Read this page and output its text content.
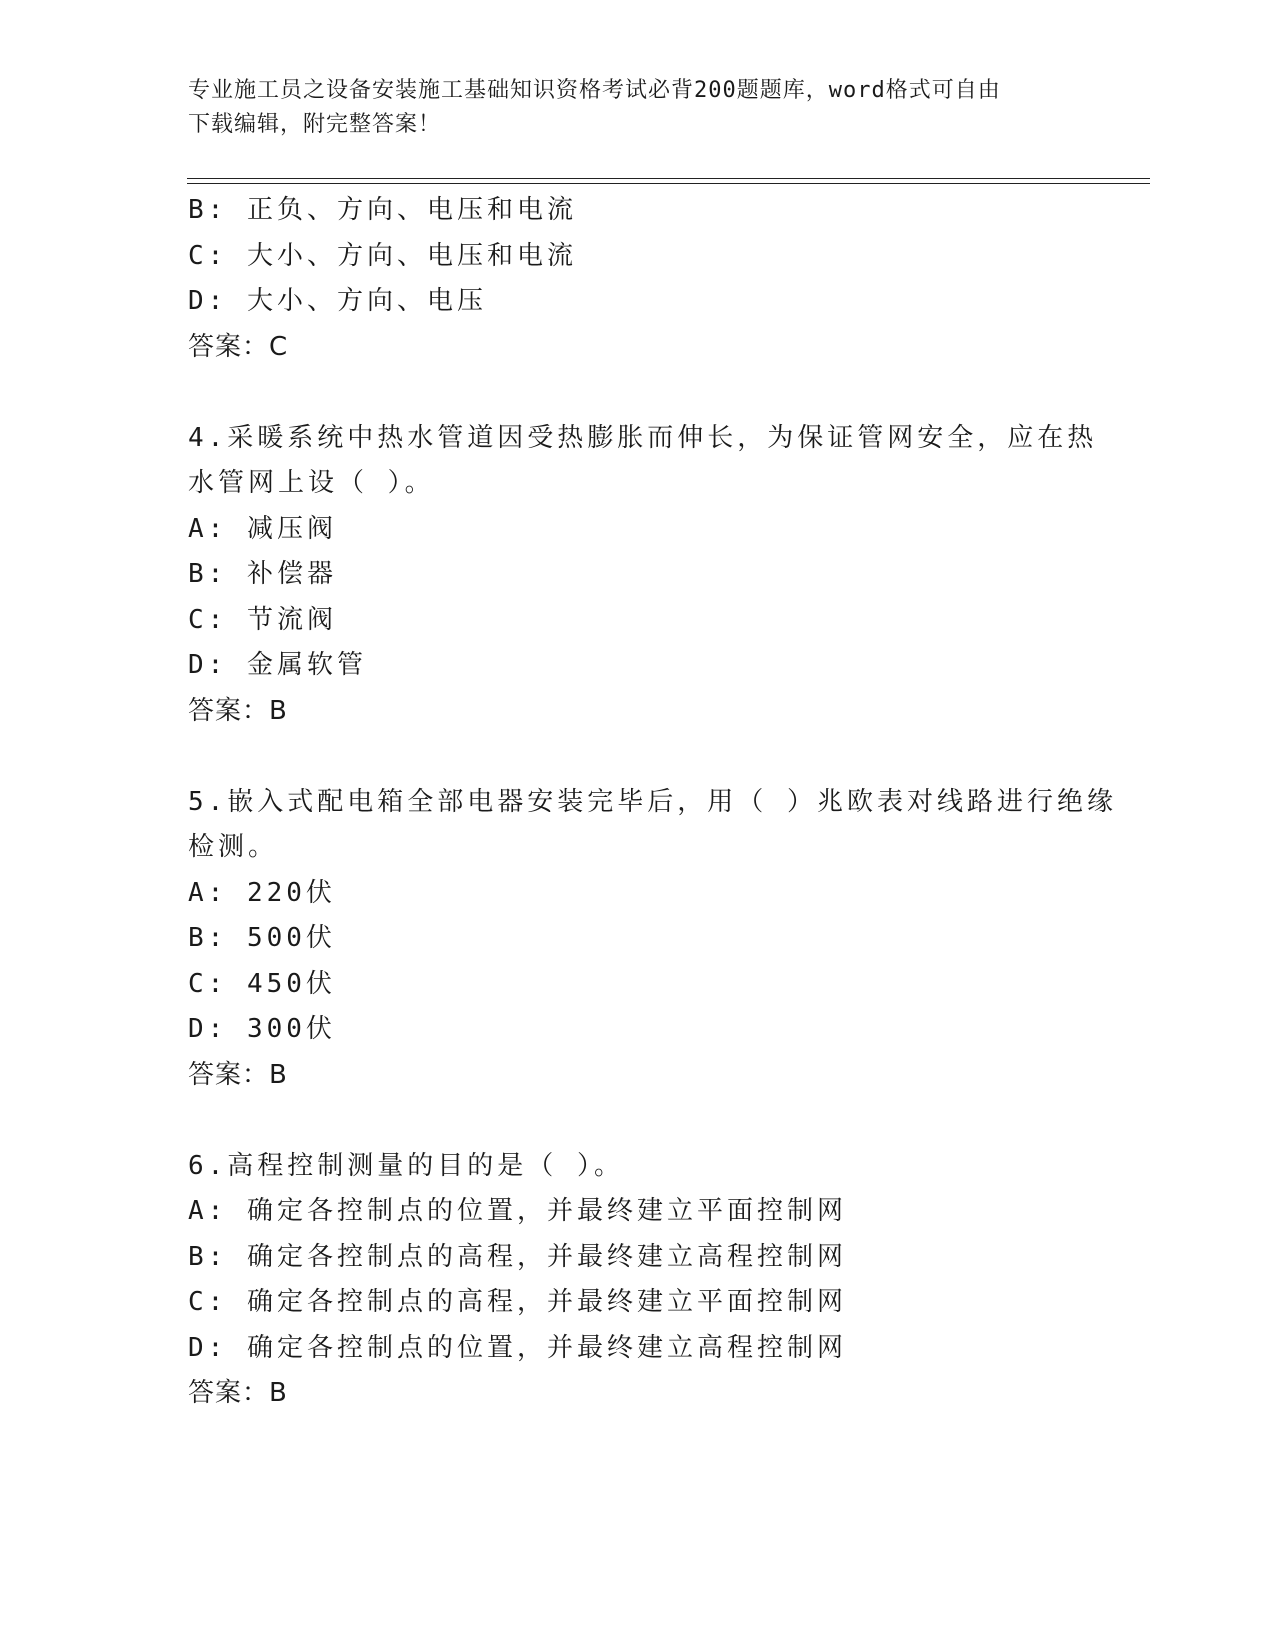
专业施工员之设备安装施工基础知识资格考试必背200题题库，word格式可自由
下载编辑，附完整答案！
B: 正负、方向、电压和电流
C: 大小、方向、电压和电流
D: 大小、方向、电压
答案：C
4.采暖系统中热水管道因受热膨胀而伸长，为保证管网安全，应在热
水管网上设（ ）。
A: 减压阀
B: 补偿器
C: 节流阀
D: 金属软管
答案：B
5.嵌入式配电箱全部电器安装完毕后，用（ ）兆欧表对线路进行绝缘
检测。
A: 220伏
B: 500伏
C: 450伏
D: 300伏
答案：B
6.高程控制测量的目的是（ ）。
A: 确定各控制点的位置，并最终建立平面控制网
B: 确定各控制点的高程，并最终建立高程控制网
C: 确定各控制点的高程，并最终建立平面控制网
D: 确定各控制点的位置，并最终建立高程控制网
答案：B
